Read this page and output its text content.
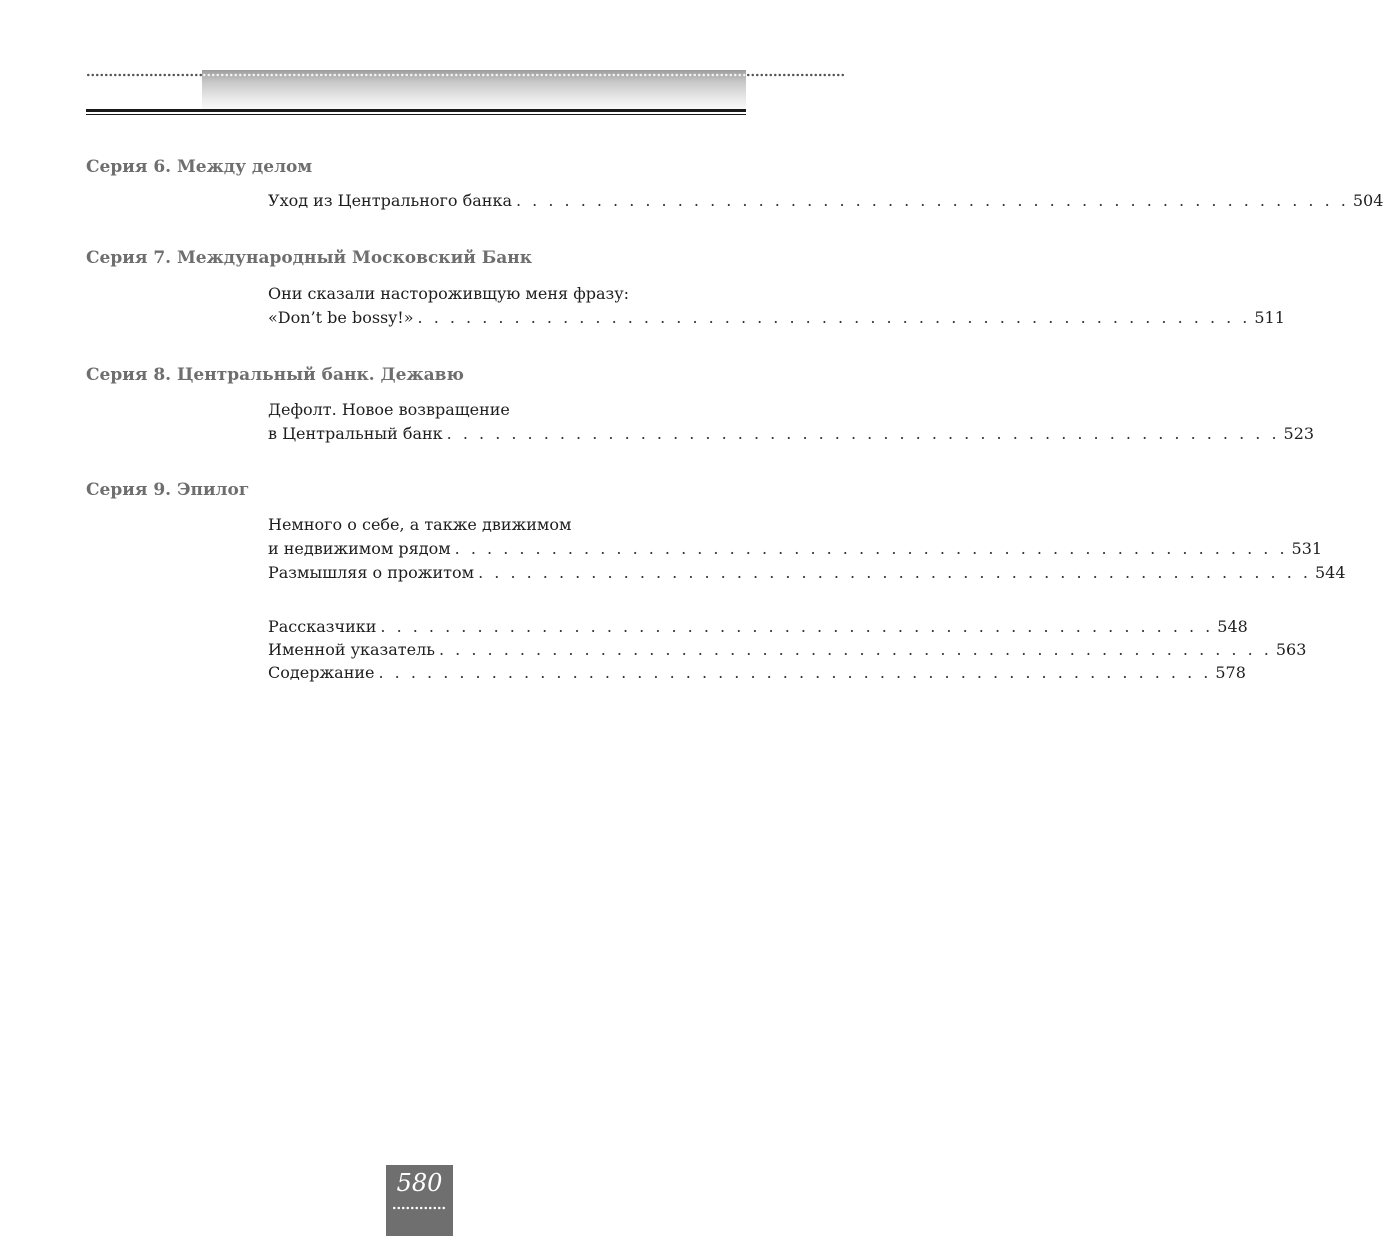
Серия 6. Между делом
Уход из Центрального банка . . . . . . . . . . . . . . . . . . . . . . . . . . . . . . . . . . . . . . . . . . . . . . . . . . . . 504
Серия 7. Международный Московский Банк
Они сказали настороживщую меня фразу:
«Don’t be bossy!» . . . . . . . . . . . . . . . . . . . . . . . . . . . . . . . . . . . . . . . . . . . . . . . . . . . . 511
Серия 8. Центральный банк. Дежавю
Дефолт. Новое возвращение
в Центральный банк . . . . . . . . . . . . . . . . . . . . . . . . . . . . . . . . . . . . . . . . . . . . . . . . . . . . 523
Серия 9. Эпилог
Немного о себе, а также движимом
и недвижимом рядом . . . . . . . . . . . . . . . . . . . . . . . . . . . . . . . . . . . . . . . . . . . . . . . . . . . . 531
Размышляя о прожитом . . . . . . . . . . . . . . . . . . . . . . . . . . . . . . . . . . . . . . . . . . . . . . . . . . . . 544
Рассказчики . . . . . . . . . . . . . . . . . . . . . . . . . . . . . . . . . . . . . . . . . . . . . . . . . . . . 548
Именной указатель . . . . . . . . . . . . . . . . . . . . . . . . . . . . . . . . . . . . . . . . . . . . . . . . . . . . 563
Содержание . . . . . . . . . . . . . . . . . . . . . . . . . . . . . . . . . . . . . . . . . . . . . . . . . . . . 578
580
